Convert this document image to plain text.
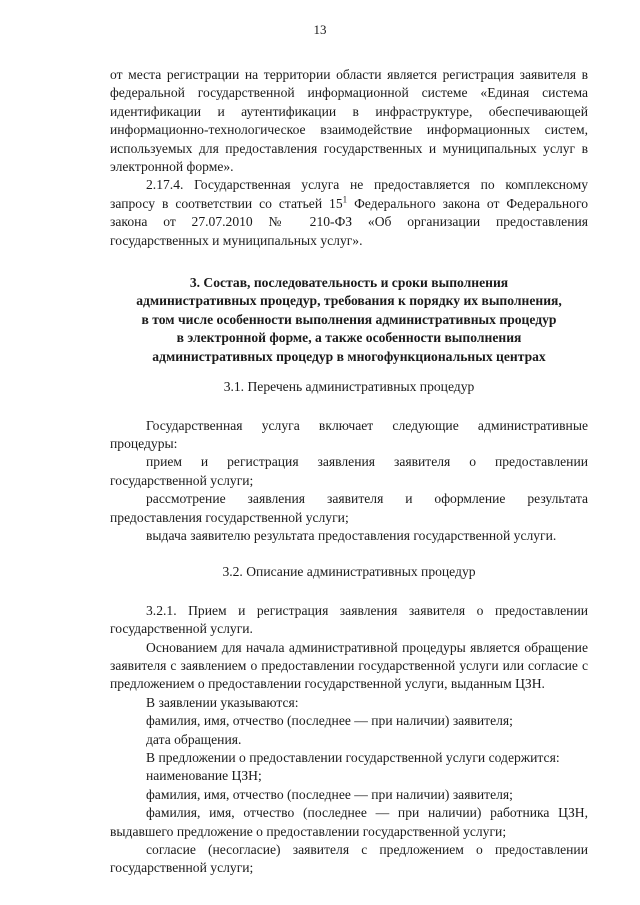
13

от места регистрации на территории области является регистрация заявителя в федеральной государственной информационной системе «Единая система идентификации и аутентификации в инфраструктуре, обеспечивающей информационно-технологическое взаимодействие информационных систем, используемых для предоставления государственных и муниципальных услуг в электронной форме».

2.17.4. Государственная услуга не предоставляется по комплексному запросу в соответствии со статьей $15^1$ Федерального закона от Федерального закона от 27.07.2010 № 210-ФЗ «Об организации предоставления государственных и муниципальных услуг».

3. Состав, последовательность и сроки выполнения
административных процедур, требования к порядку их выполнения,
в том числе особенности выполнения административных процедур
в электронной форме, а также особенности выполнения
административных процедур в многофункциональных центрах
3.1. Перечень административных процедур

Государственная услуга включает следующие административные процедуры:

прием и регистрация заявления заявителя о предоставлении государственной услуги;

рассмотрение заявления заявителя и оформление результата предоставления государственной услуги;

выдача заявителю результата предоставления государственной услуги.

3.2. Описание административных процедур

3.2.1. Прием и регистрация заявления заявителя о предоставлении государственной услуги.

Основанием для начала административной процедуры является обращение заявителя с заявлением о предоставлении государственной услуги или согласие с предложением о предоставлении государственной услуги, выданным ЦЗН.

В заявлении указываются:

фамилия, имя, отчество (последнее — при наличии) заявителя;

дата обращения.

В предложении о предоставлении государственной услуги содержится:

наименование ЦЗН;

фамилия, имя, отчество (последнее — при наличии) заявителя;

фамилия, имя, отчество (последнее — при наличии) работника ЦЗН, выдавшего предложение о предоставлении государственной услуги;

согласие (несогласие) заявителя с предложением о предоставлении государственной услуги;
